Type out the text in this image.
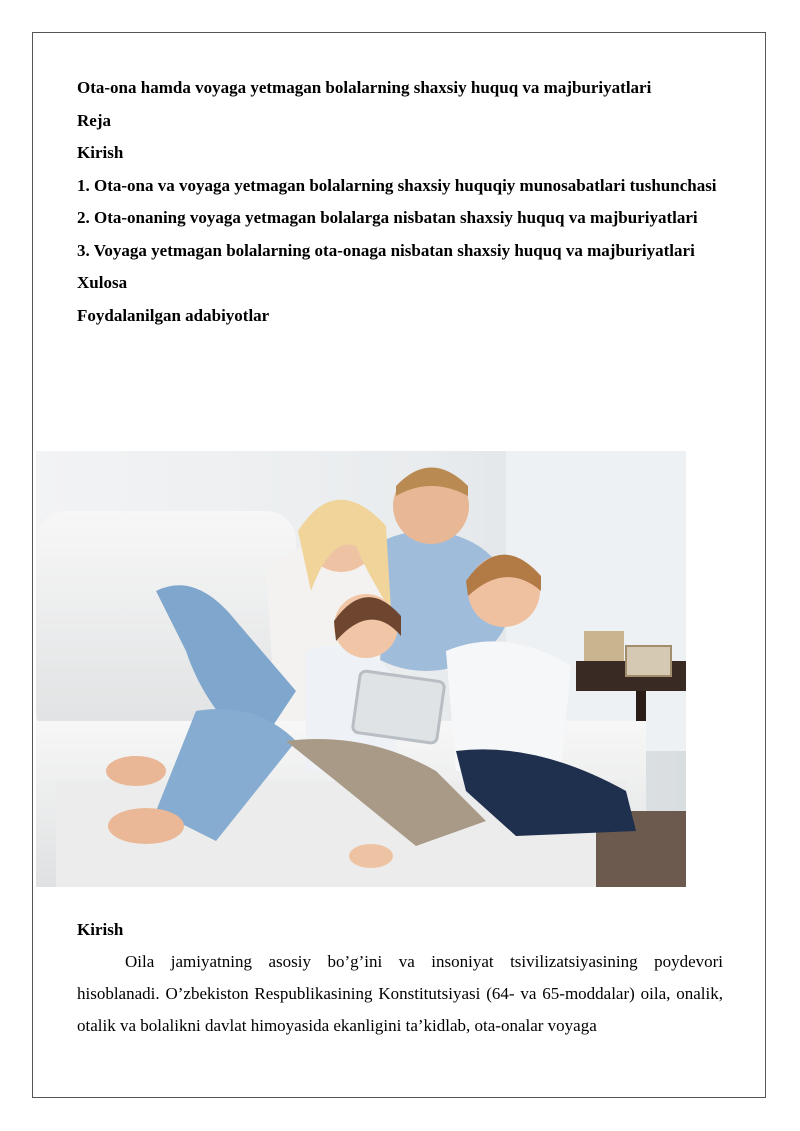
Ota-ona hamda voyaga yetmagan bolalarning shaxsiy huquq va majburiyatlari

Reja

Kirish

1. Ota-ona va voyaga yetmagan bolalarning shaxsiy huquqiy munosabatlari tushunchasi

2. Ota-onaning voyaga yetmagan bolalarga nisbatan shaxsiy huquq va majburiyatlari

3. Voyaga yetmagan bolalarning ota-onaga nisbatan shaxsiy huquq va majburiyatlari

Xulosa

Foydalanilgan adabiyotlar

Kirish

Oila jamiyatning asosiy bo’g’ini va insoniyat tsivilizatsiyasining poydevori hisoblanadi. O’zbekiston Respublikasining Konstitutsiyasi (64- va 65-moddalar) oila, onalik, otalik va bolalikni davlat himoyasida ekanligini ta’kidlab, ota-onalar voyaga
